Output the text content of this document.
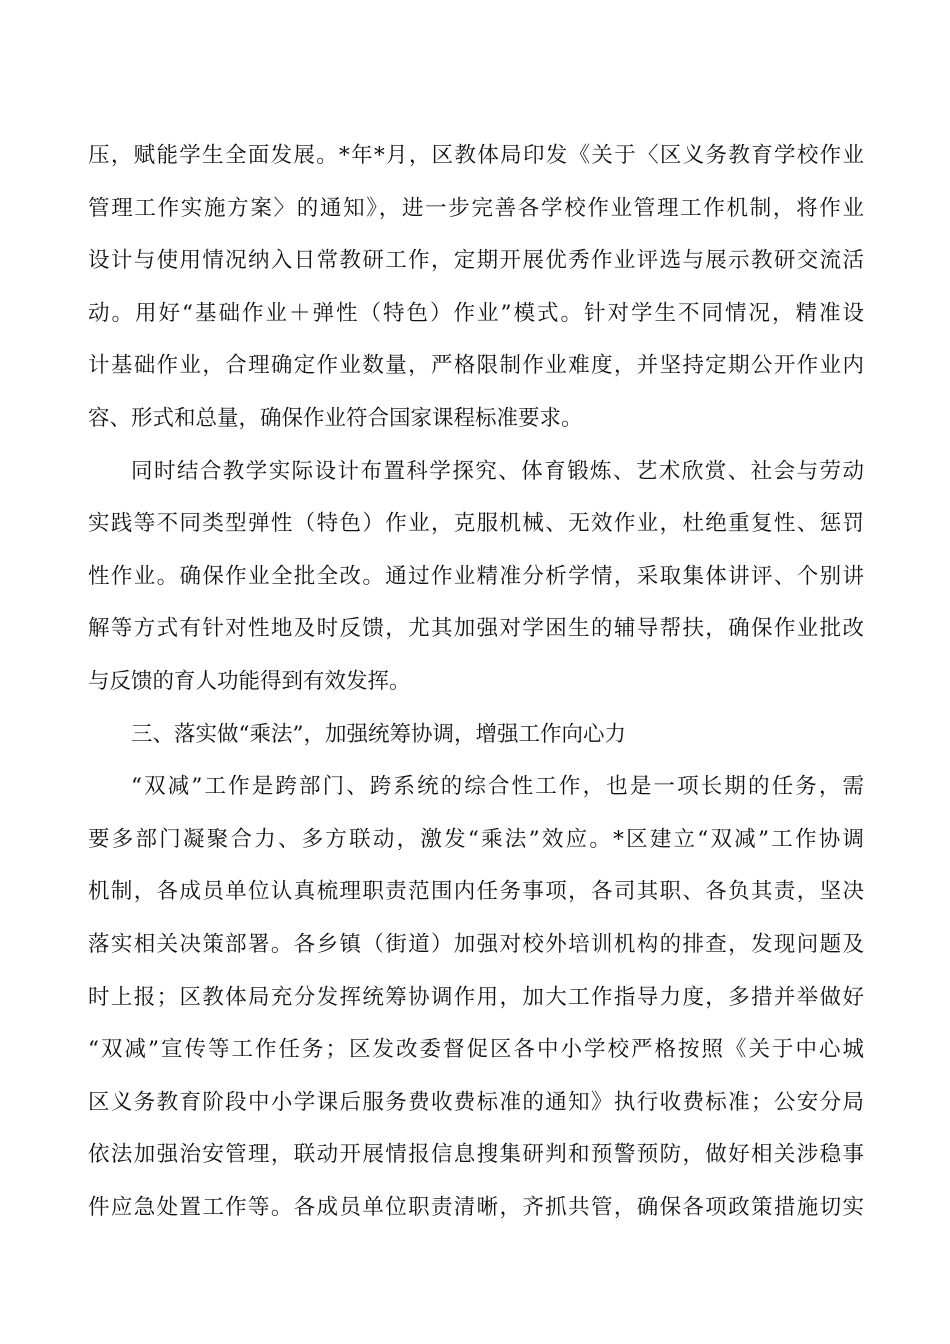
压，赋能学生全面发展。*年*月，区教体局印发《关于〈区义务教育学校作业
管理工作实施方案〉的通知》，进一步完善各学校作业管理工作机制，将作业
设计与使用情况纳入日常教研工作，定期开展优秀作业评选与展示教研交流活
动。用好“基础作业＋弹性（特色）作业”模式。针对学生不同情况，精准设
计基础作业，合理确定作业数量，严格限制作业难度，并坚持定期公开作业内
容、形式和总量，确保作业符合国家课程标准要求。
同时结合教学实际设计布置科学探究、体育锻炼、艺术欣赏、社会与劳动
实践等不同类型弹性（特色）作业，克服机械、无效作业，杜绝重复性、惩罚
性作业。确保作业全批全改。通过作业精准分析学情，采取集体讲评、个别讲
解等方式有针对性地及时反馈，尤其加强对学困生的辅导帮扶，确保作业批改
与反馈的育人功能得到有效发挥。
三、落实做“乘法”，加强统筹协调，增强工作向心力
“双减”工作是跨部门、跨系统的综合性工作，也是一项长期的任务，需
要多部门凝聚合力、多方联动，激发“乘法”效应。*区建立“双减”工作协调
机制，各成员单位认真梳理职责范围内任务事项，各司其职、各负其责，坚决
落实相关决策部署。各乡镇（街道）加强对校外培训机构的排查，发现问题及
时上报；区教体局充分发挥统筹协调作用，加大工作指导力度，多措并举做好
“双减”宣传等工作任务；区发改委督促区各中小学校严格按照《关于中心城
区义务教育阶段中小学课后服务费收费标准的通知》执行收费标准；公安分局
依法加强治安管理，联动开展情报信息搜集研判和预警预防，做好相关涉稳事
件应急处置工作等。各成员单位职责清晰，齐抓共管，确保各项政策措施切实
